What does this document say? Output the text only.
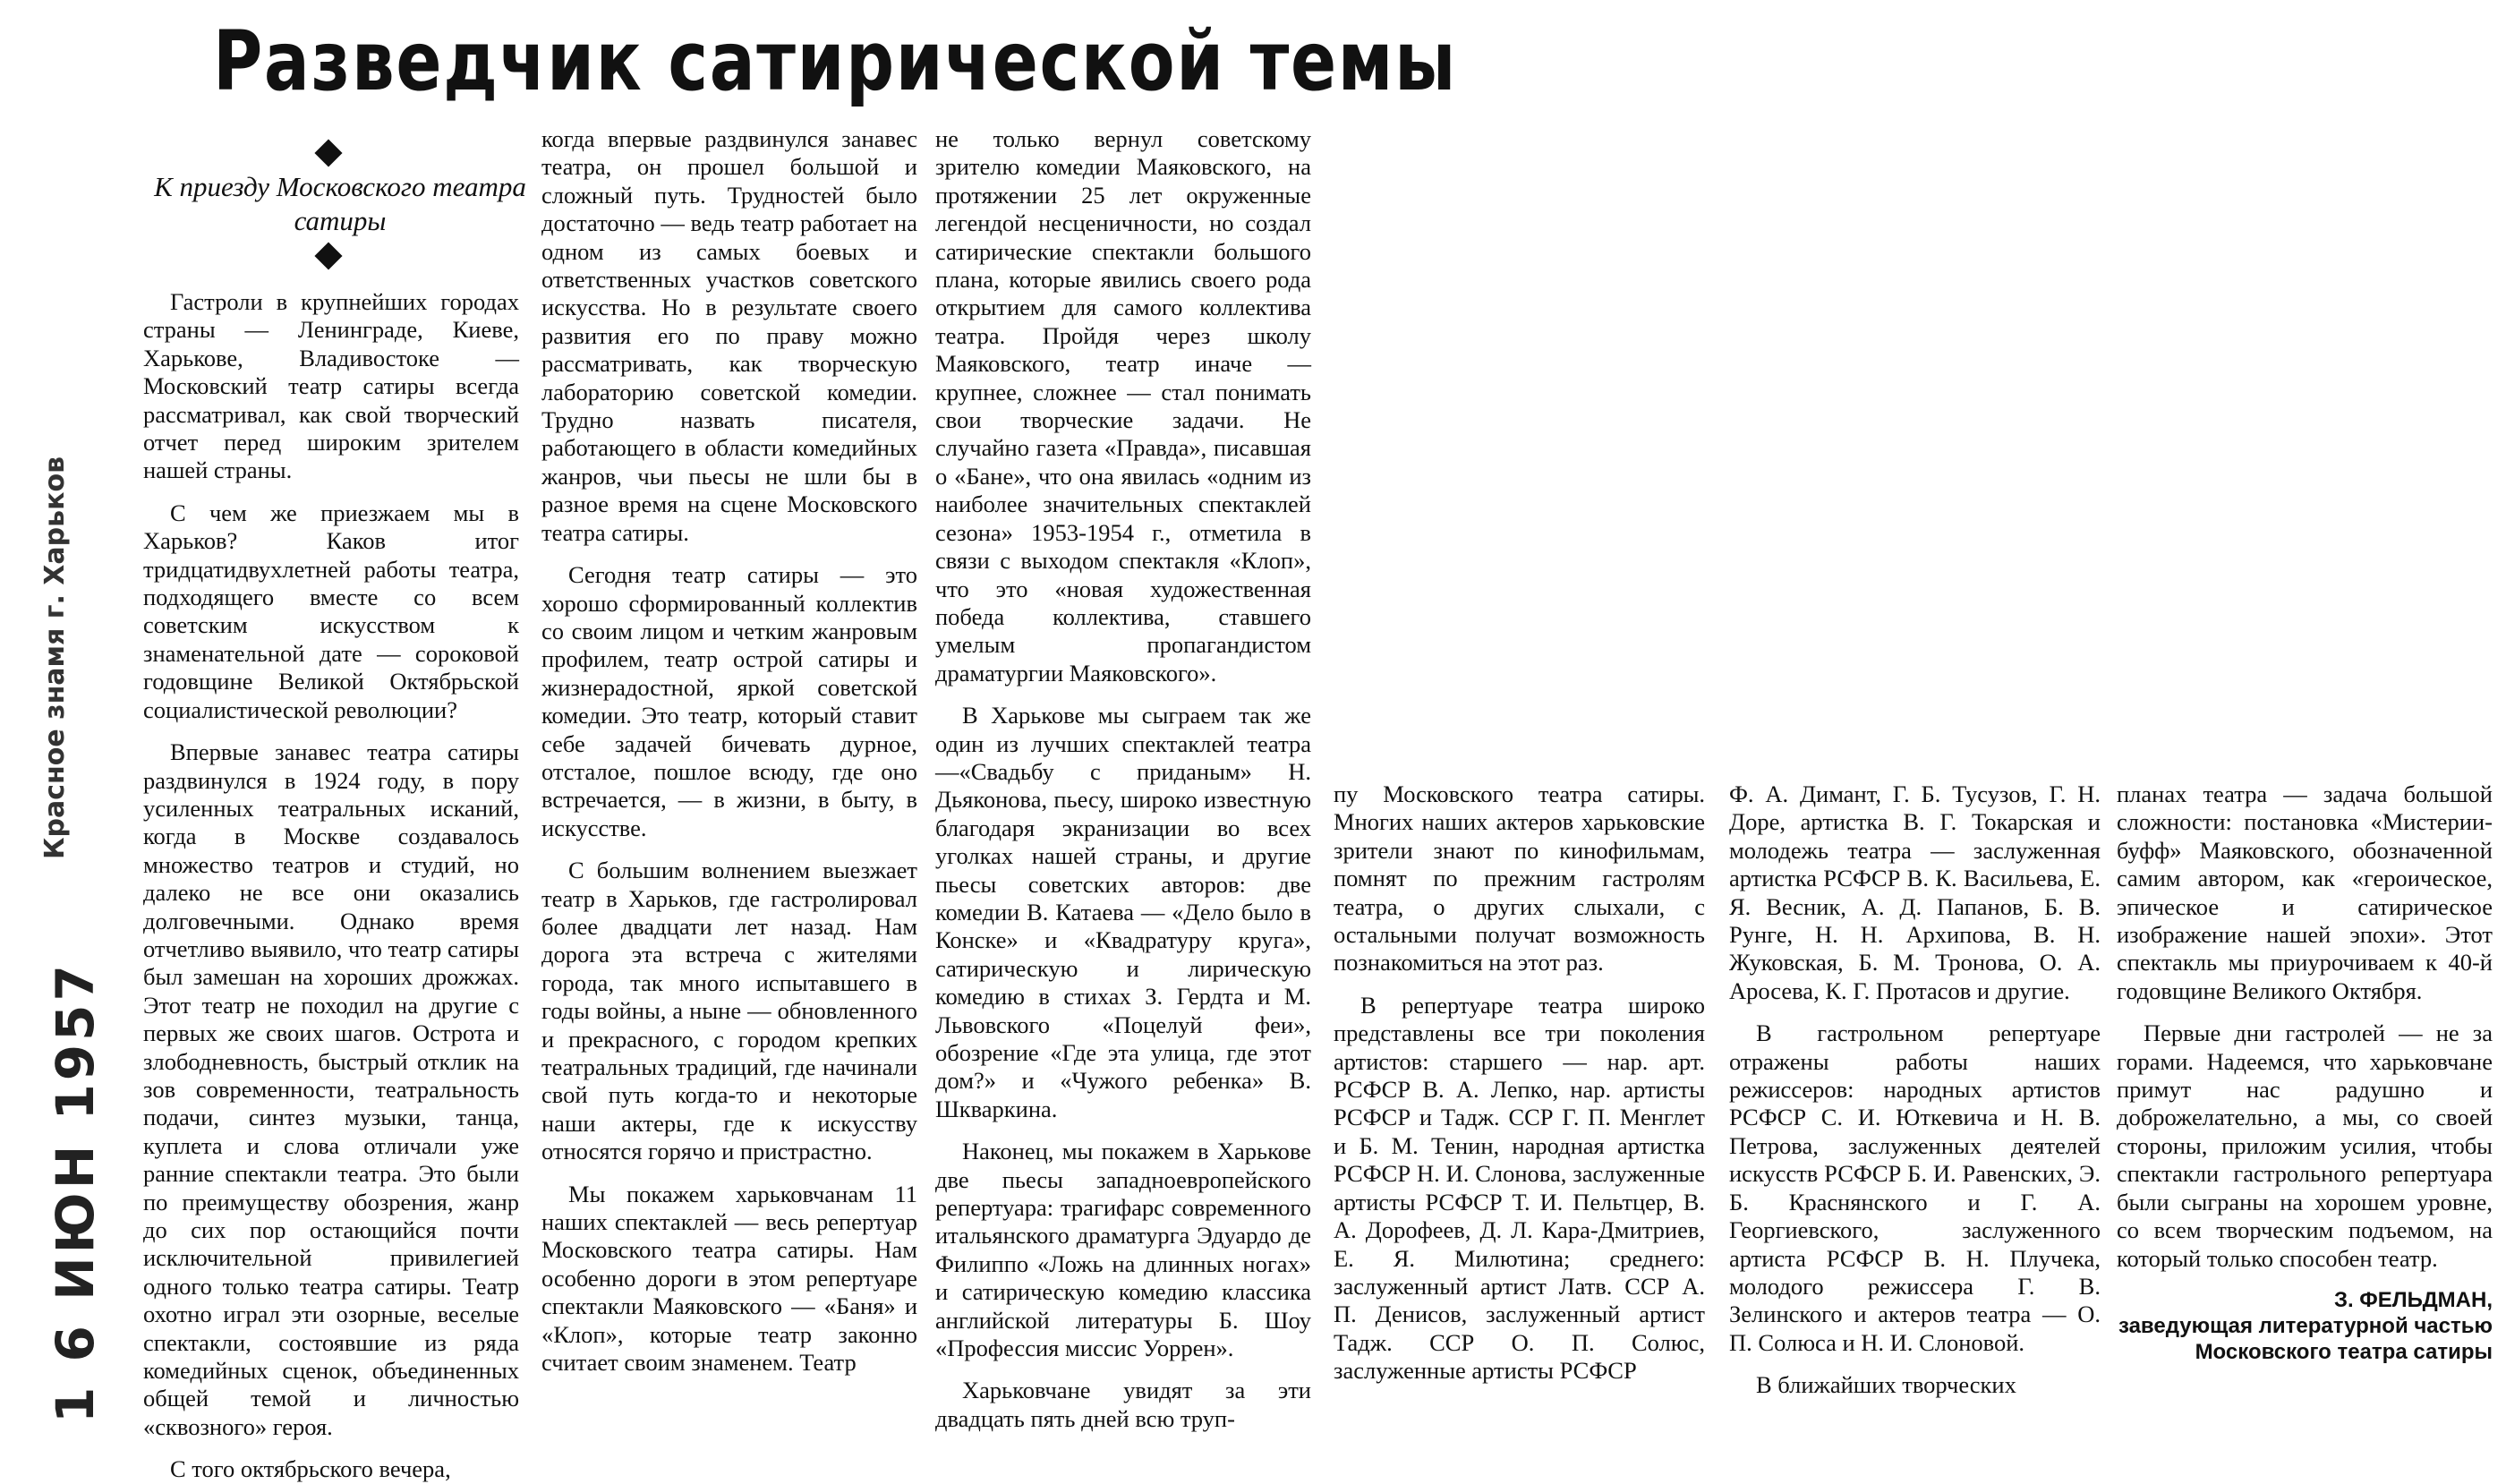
Разведчик сатирической темы
К приезду Московского театра сатиры
Красное знамя г. Харьков
1 6 ИЮН 1957

Гастроли в крупнейших городах страны — Ленинграде, Киеве, Харькове, Владивостоке — Московский театр сатиры всегда рассматривал, как свой творческий отчет перед широким зрителем нашей страны.

С чем же приезжаем мы в Харьков? Каков итог тридцатидвухлетней работы театра, подходящего вместе со всем советским искусством к знаменательной дате — сороковой годовщине Великой Октябрьской социалистической революции?

Впервые занавес театра сатиры раздвинулся в 1924 году, в пору усиленных театральных исканий, когда в Москве создавалось множество театров и студий, но далеко не все они оказались долговечными. Однако время отчетливо выявило, что театр сатиры был замешан на хороших дрожжах. Этот театр не походил на другие с первых же своих шагов. Острота и злободневность, быстрый отклик на зов современности, театральность подачи, синтез музыки, танца, куплета и слова отличали уже ранние спектакли театра. Это были по преимуществу обозрения, жанр до сих пор остающийся почти исключительной привилегией одного только театра сатиры. Театр охотно играл эти озорные, веселые спектакли, состоявшие из ряда комедийных сценок, объединенных общей темой и личностью «сквозного» героя.

С того октябрьского вечера,

когда впервые раздвинулся занавес театра, он прошел большой и сложный путь. Трудностей было достаточно — ведь театр работает на одном из самых боевых и ответственных участков советского искусства. Но в результате своего развития его по праву можно рассматривать, как творческую лабораторию советской комедии. Трудно назвать писателя, работающего в области комедийных жанров, чьи пьесы не шли бы в разное время на сцене Московского театра сатиры.

Сегодня театр сатиры — это хорошо сформированный коллектив со своим лицом и четким жанровым профилем, театр острой сатиры и жизнерадостной, яркой советской комедии. Это театр, который ставит себе задачей бичевать дурное, отсталое, пошлое всюду, где оно встречается, — в жизни, в быту, в искусстве.

С большим волнением выезжает театр в Харьков, где гастролировал более двадцати лет назад. Нам дорога эта встреча с жителями города, так много испытавшего в годы войны, а ныне — обновленного и прекрасного, с городом крепких театральных традиций, где начинали свой путь когда-то и некоторые наши актеры, где к искусству относятся горячо и пристрастно.

Мы покажем харьковчанам 11 наших спектаклей — весь репертуар Московского театра сатиры. Нам особенно дороги в этом репертуаре спектакли Маяковского — «Баня» и «Клоп», которые театр законно считает своим знаменем. Театр

не только вернул советскому зрителю комедии Маяковского, на протяжении 25 лет окруженные легендой несценичности, но создал сатирические спектакли большого плана, которые явились своего рода открытием для самого коллектива театра. Пройдя через школу Маяковского, театр иначе — крупнее, сложнее — стал понимать свои творческие задачи. Не случайно газета «Правда», писавшая о «Бане», что она явилась «одним из наиболее значительных спектаклей сезона» 1953-1954 г., отметила в связи с выходом спектакля «Клоп», что это «новая художественная победа коллектива, ставшего умелым пропагандистом драматургии Маяковского».

В Харькове мы сыграем так же один из лучших спектаклей театра—«Свадьбу с приданым» Н. Дьяконова, пьесу, широко известную благодаря экранизации во всех уголках нашей страны, и другие пьесы советских авторов: две комедии В. Катаева — «Дело было в Конске» и «Квадратуру круга», сатирическую и лирическую комедию в стихах З. Гердта и М. Львовского «Поцелуй феи», обозрение «Где эта улица, где этот дом?» и «Чужого ребенка» В. Шкваркина.

Наконец, мы покажем в Харькове две пьесы западноевропейского репертуара: трагифарс современного итальянского драматурга Эдуардо де Филиппо «Ложь на длинных ногах» и сатирическую комедию классика английской литературы Б. Шоу «Профессия миссис Уоррен».

Харьковчане увидят за эти двадцать пять дней всю труп-

пу Московского театра сатиры. Многих наших актеров харьковские зрители знают по кинофильмам, помнят по прежним гастролям театра, о других слыхали, с остальными получат возможность познакомиться на этот раз.

В репертуаре театра широко представлены все три поколения артистов: старшего — нар. арт. РСФСР В. А. Лепко, нар. артисты РСФСР и Тадж. ССР Г. П. Менглет и Б. М. Тенин, народная артистка РСФСР Н. И. Слонова, заслуженные артисты РСФСР Т. И. Пельтцер, В. А. Дорофеев, Д. Л. Кара-Дмитриев, Е. Я. Милютина; среднего: заслуженный артист Латв. ССР А. П. Денисов, заслуженный артист Тадж. ССР О. П. Солюс, заслуженные артисты РСФСР

Ф. А. Димант, Г. Б. Тусузов, Г. Н. Доре, артистка В. Г. Токарская и молодежь театра — заслуженная артистка РСФСР В. К. Васильева, Е. Я. Весник, А. Д. Папанов, Б. В. Рунге, Н. Н. Архипова, В. Н. Жуковская, Б. М. Тронова, О. А. Аросева, К. Г. Протасов и другие.

В гастрольном репертуаре отражены работы наших режиссеров: народных артистов РСФСР С. И. Юткевича и Н. В. Петрова, заслуженных деятелей искусств РСФСР Б. И. Равенских, Э. Б. Краснянского и Г. А. Георгиевского, заслуженного артиста РСФСР В. Н. Плучека, молодого режиссера Г. В. Зелинского и актеров театра — О. П. Солюса и Н. И. Слоновой.

В ближайших творческих

планах театра — задача большой сложности: постановка «Мистерии-буфф» Маяковского, обозначенной самим автором, как «героическое, эпическое и сатирическое изображение нашей эпохи». Этот спектакль мы приурочиваем к 40-й годовщине Великого Октября.

Первые дни гастролей — не за горами. Надеемся, что харьковчане примут нас радушно и доброжелательно, а мы, со своей стороны, приложим усилия, чтобы спектакли гастрольного репертуара были сыграны на хорошем уровне, со всем творческим подъемом, на который только способен театр.

З. ФЕЛЬДМАН,
заведующая литературной частью
Московского театра сатиры
